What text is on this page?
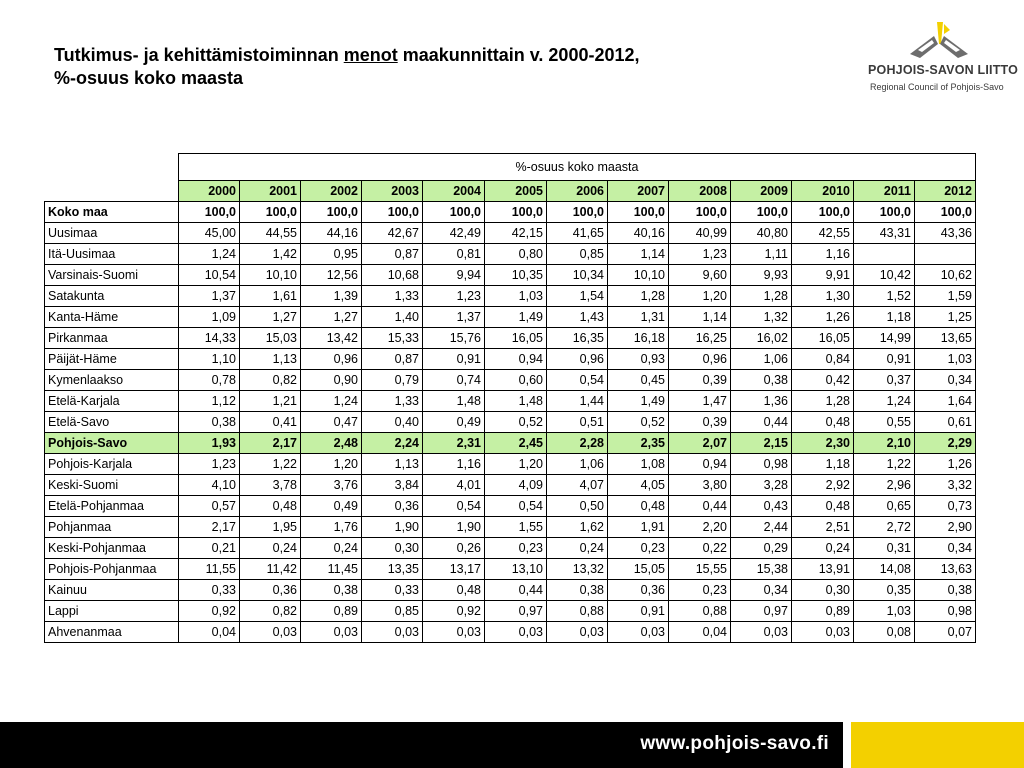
Tutkimus- ja kehittämistoiminnan menot maakunnittain v. 2000-2012,
%-osuus koko maasta	POHJOIS-SAVON LIITTO
Regional Council of Pohjois-Savo
	%-osuus koko maasta												
	2000	2001	2002	2003	2004	2005	2006	2007	2008	2009	2010	2011	2012
Koko maa	100,0	100,0	100,0	100,0	100,0	100,0	100,0	100,0	100,0	100,0	100,0	100,0	100,0
Uusimaa	45,00	44,55	44,16	42,67	42,49	42,15	41,65	40,16	40,99	40,80	42,55	43,31	43,36
Itä-Uusimaa	1,24	1,42	0,95	0,87	0,81	0,80	0,85	1,14	1,23	1,11	1,16		
Varsinais-Suomi	10,54	10,10	12,56	10,68	9,94	10,35	10,34	10,10	9,60	9,93	9,91	10,42	10,62
Satakunta	1,37	1,61	1,39	1,33	1,23	1,03	1,54	1,28	1,20	1,28	1,30	1,52	1,59
Kanta-Häme	1,09	1,27	1,27	1,40	1,37	1,49	1,43	1,31	1,14	1,32	1,26	1,18	1,25
Pirkanmaa	14,33	15,03	13,42	15,33	15,76	16,05	16,35	16,18	16,25	16,02	16,05	14,99	13,65
Päijät-Häme	1,10	1,13	0,96	0,87	0,91	0,94	0,96	0,93	0,96	1,06	0,84	0,91	1,03
Kymenlaakso	0,78	0,82	0,90	0,79	0,74	0,60	0,54	0,45	0,39	0,38	0,42	0,37	0,34
Etelä-Karjala	1,12	1,21	1,24	1,33	1,48	1,48	1,44	1,49	1,47	1,36	1,28	1,24	1,64
Etelä-Savo	0,38	0,41	0,47	0,40	0,49	0,52	0,51	0,52	0,39	0,44	0,48	0,55	0,61
Pohjois-Savo	1,93	2,17	2,48	2,24	2,31	2,45	2,28	2,35	2,07	2,15	2,30	2,10	2,29
Pohjois-Karjala	1,23	1,22	1,20	1,13	1,16	1,20	1,06	1,08	0,94	0,98	1,18	1,22	1,26
Keski-Suomi	4,10	3,78	3,76	3,84	4,01	4,09	4,07	4,05	3,80	3,28	2,92	2,96	3,32
Etelä-Pohjanmaa	0,57	0,48	0,49	0,36	0,54	0,54	0,50	0,48	0,44	0,43	0,48	0,65	0,73
Pohjanmaa	2,17	1,95	1,76	1,90	1,90	1,55	1,62	1,91	2,20	2,44	2,51	2,72	2,90
Keski-Pohjanmaa	0,21	0,24	0,24	0,30	0,26	0,23	0,24	0,23	0,22	0,29	0,24	0,31	0,34
Pohjois-Pohjanmaa	11,55	11,42	11,45	13,35	13,17	13,10	13,32	15,05	15,55	15,38	13,91	14,08	13,63
Kainuu	0,33	0,36	0,38	0,33	0,48	0,44	0,38	0,36	0,23	0,34	0,30	0,35	0,38
Lappi	0,92	0,82	0,89	0,85	0,92	0,97	0,88	0,91	0,88	0,97	0,89	1,03	0,98
Ahvenanmaa	0,04	0,03	0,03	0,03	0,03	0,03	0,03	0,03	0,04	0,03	0,03	0,08	0,07
www.pohjois-savo.fi
